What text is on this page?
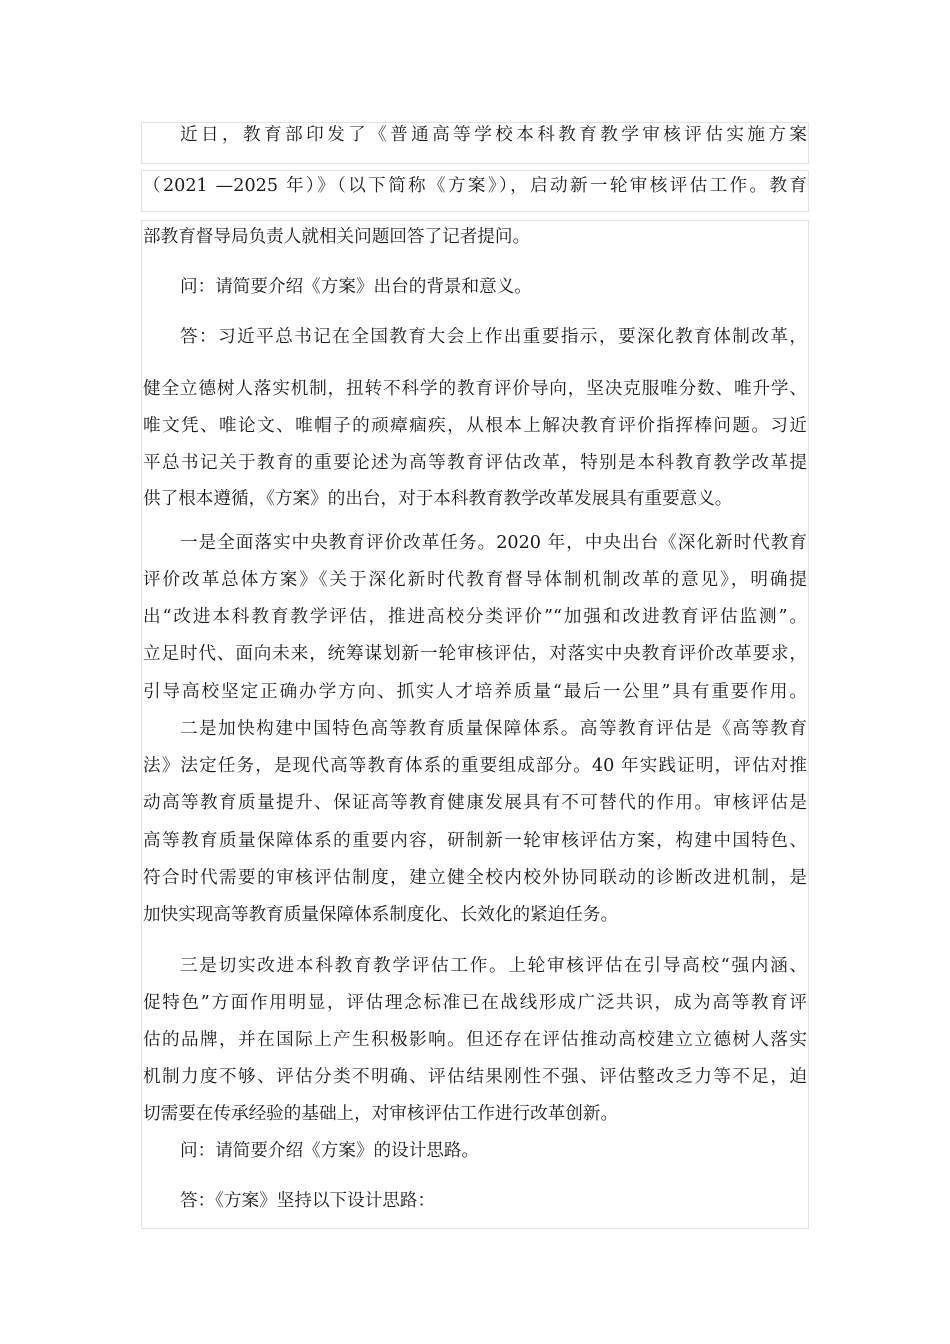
近日，教育部印发了《普通高等学校本科教育教学审核评估实施方案
（2021 —2025 年）》（以下简称《方案》），启动新一轮审核评估工作。教育
部教育督导局负责人就相关问题回答了记者提问。
问：请简要介绍《方案》出台的背景和意义。
答：习近平总书记在全国教育大会上作出重要指示，要深化教育体制改革，
健全立德树人落实机制，扭转不科学的教育评价导向，坚决克服唯分数、唯升学、
唯文凭、唯论文、唯帽子的顽瘴痼疾，从根本上解决教育评价指挥棒问题。习近
平总书记关于教育的重要论述为高等教育评估改革，特别是本科教育教学改革提
供了根本遵循，《方案》的出台，对于本科教育教学改革发展具有重要意义。
一是全面落实中央教育评价改革任务。2020 年，中央出台《深化新时代教育
评价改革总体方案》《关于深化新时代教育督导体制机制改革的意见》，明确提
出“改进本科教育教学评估，推进高校分类评价”“加强和改进教育评估监测”。
立足时代、面向未来，统筹谋划新一轮审核评估，对落实中央教育评价改革要求，
引导高校坚定正确办学方向、抓实人才培养质量“最后一公里”具有重要作用。
二是加快构建中国特色高等教育质量保障体系。高等教育评估是《高等教育
法》法定任务，是现代高等教育体系的重要组成部分。40 年实践证明，评估对推
动高等教育质量提升、保证高等教育健康发展具有不可替代的作用。审核评估是
高等教育质量保障体系的重要内容，研制新一轮审核评估方案，构建中国特色、
符合时代需要的审核评估制度，建立健全校内校外协同联动的诊断改进机制，是
加快实现高等教育质量保障体系制度化、长效化的紧迫任务。
三是切实改进本科教育教学评估工作。上轮审核评估在引导高校“强内涵、
促特色”方面作用明显，评估理念标准已在战线形成广泛共识，成为高等教育评
估的品牌，并在国际上产生积极影响。但还存在评估推动高校建立立德树人落实
机制力度不够、评估分类不明确、评估结果刚性不强、评估整改乏力等不足，迫
切需要在传承经验的基础上，对审核评估工作进行改革创新。
问：请简要介绍《方案》的设计思路。
答：《方案》坚持以下设计思路：
